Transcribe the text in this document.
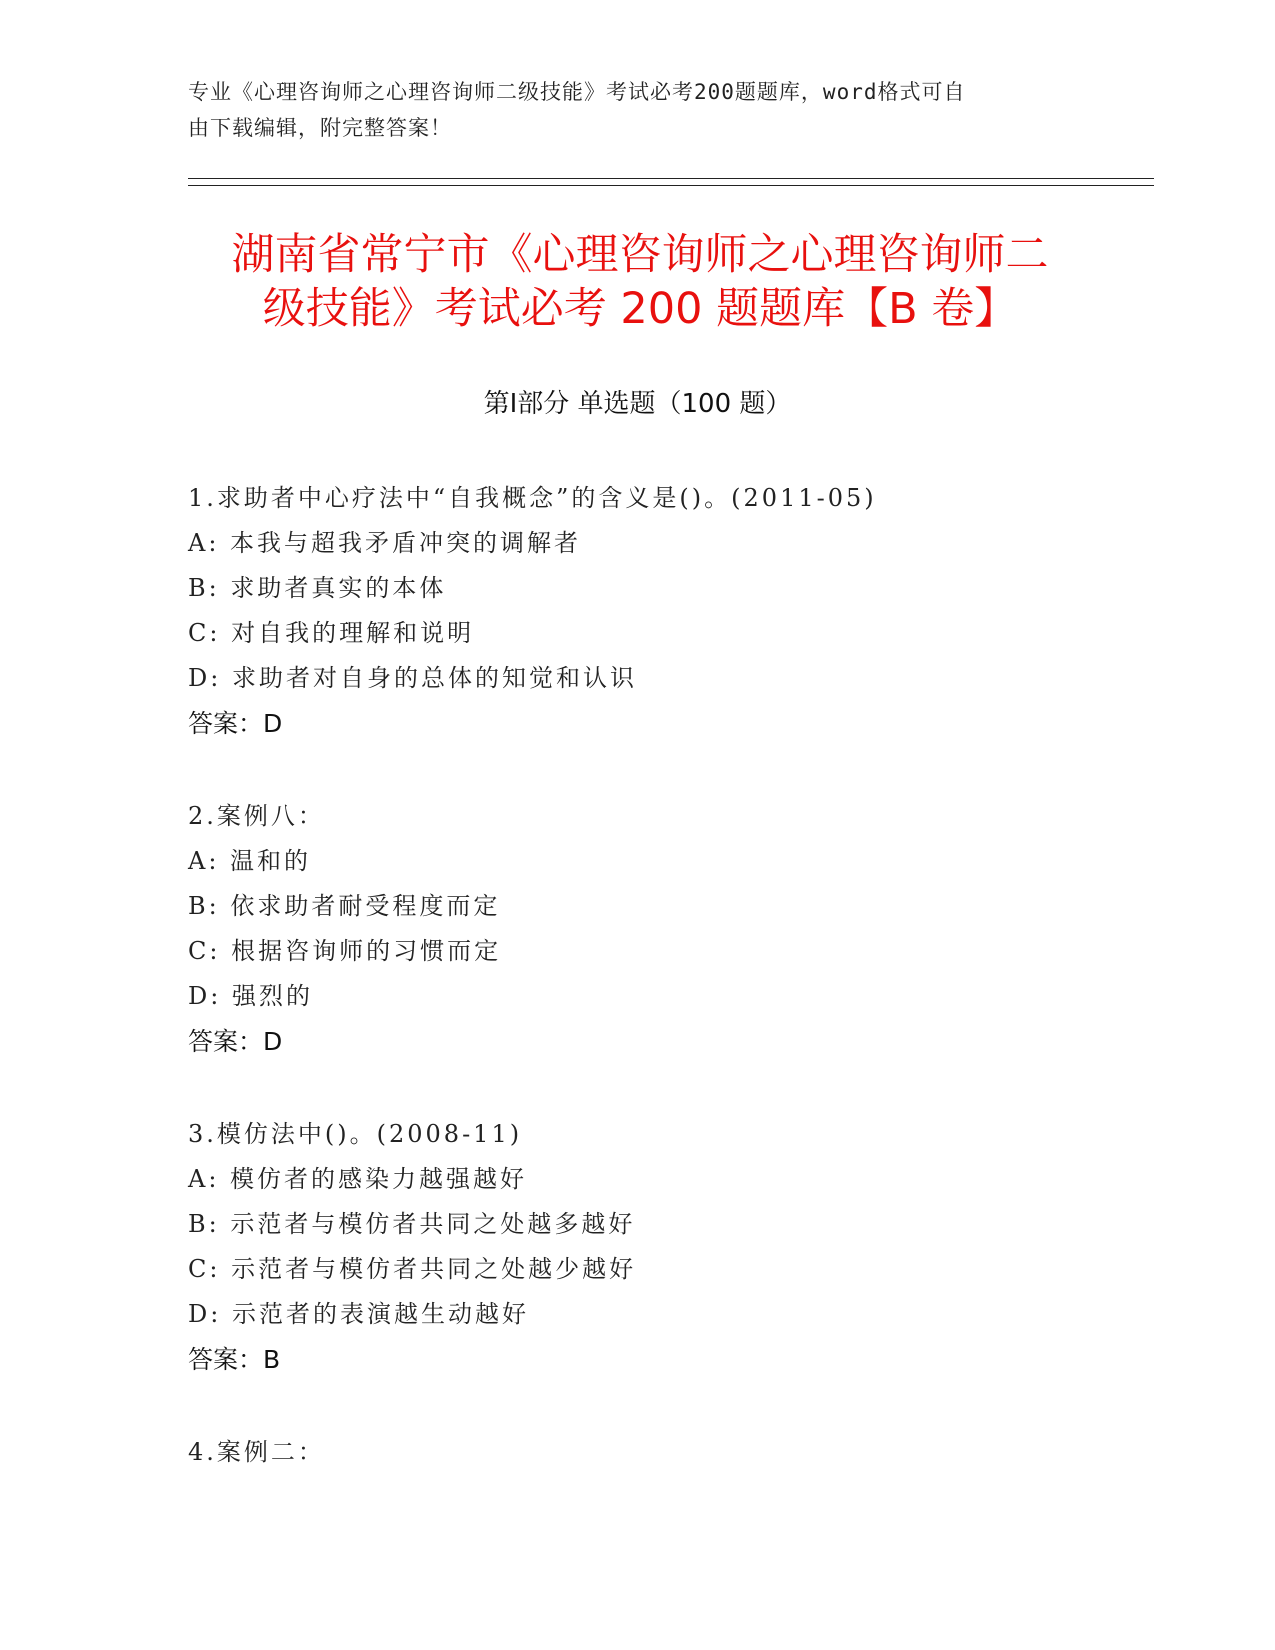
专业《心理咨询师之心理咨询师二级技能》考试必考200题题库，word格式可自
由下载编辑，附完整答案！
湖南省常宁市《心理咨询师之心理咨询师二
级技能》考试必考 200 题题库【B 卷】
第Ⅰ部分 单选题（100 题）
1.求助者中心疗法中“自我概念”的含义是()。(2011-05)
A: 本我与超我矛盾冲突的调解者
B: 求助者真实的本体
C: 对自我的理解和说明
D: 求助者对自身的总体的知觉和认识
答案：D
2.案例八：
A: 温和的
B: 依求助者耐受程度而定
C: 根据咨询师的习惯而定
D: 强烈的
答案：D
3.模仿法中()。(2008-11)
A: 模仿者的感染力越强越好
B: 示范者与模仿者共同之处越多越好
C: 示范者与模仿者共同之处越少越好
D: 示范者的表演越生动越好
答案：B
4.案例二：
